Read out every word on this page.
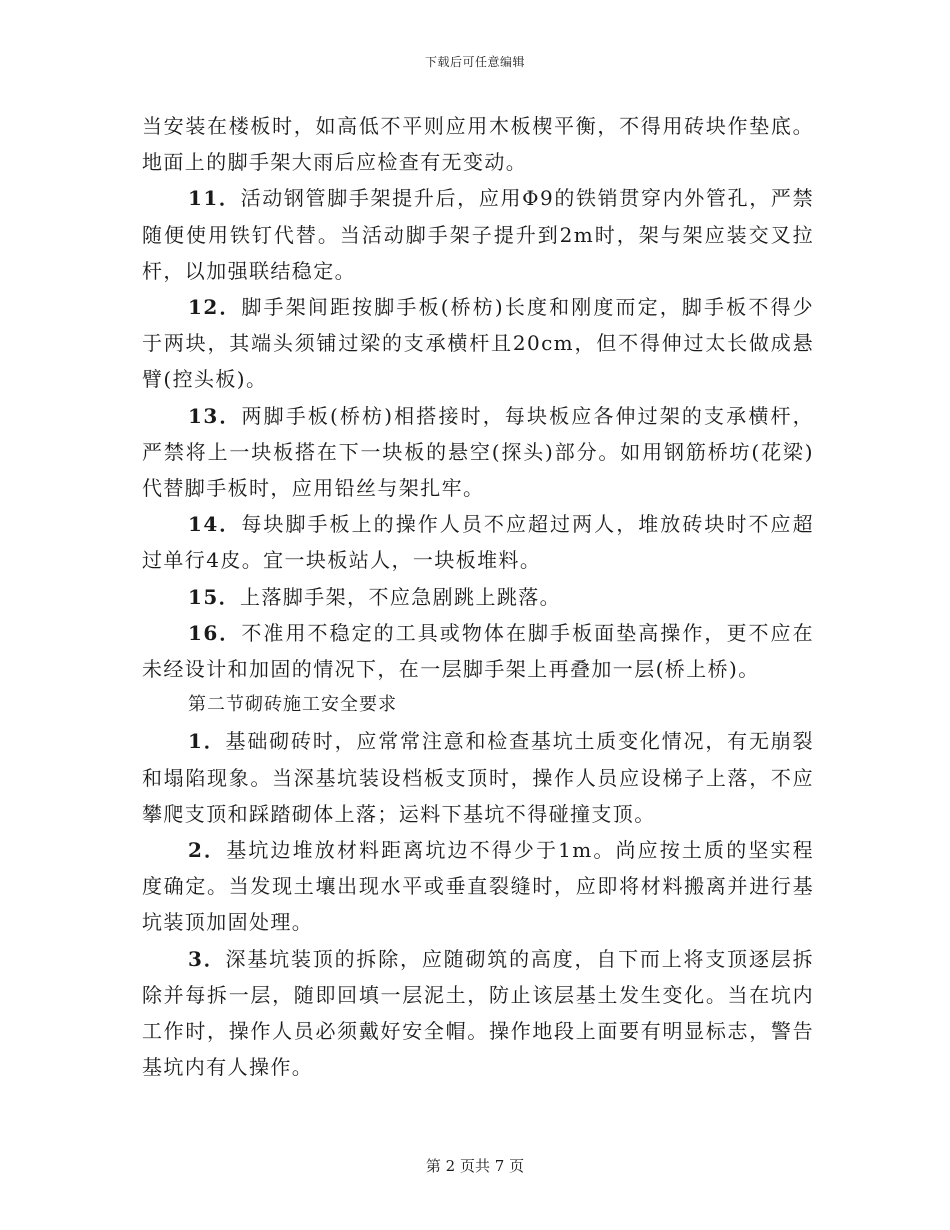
下载后可任意编辑

当安装在楼板时，如高低不平则应用木板楔平衡，不得用砖块作垫底。地面上的脚手架大雨后应检查有无变动。

11．活动钢管脚手架提升后，应用Φ9的铁销贯穿内外管孔，严禁随便使用铁钉代替。当活动脚手架子提升到2m时，架与架应装交叉拉杆，以加强联结稳定。

12．脚手架间距按脚手板(桥枋)长度和刚度而定，脚手板不得少于两块，其端头须铺过梁的支承横杆且20cm，但不得伸过太长做成悬臂(控头板)。

13．两脚手板(桥枋)相搭接时，每块板应各伸过架的支承横杆，严禁将上一块板搭在下一块板的悬空(探头)部分。如用钢筋桥坊(花梁)代替脚手板时，应用铅丝与架扎牢。

14．每块脚手板上的操作人员不应超过两人，堆放砖块时不应超过单行4皮。宜一块板站人，一块板堆料。

15．上落脚手架，不应急剧跳上跳落。

16．不准用不稳定的工具或物体在脚手板面垫高操作，更不应在未经设计和加固的情况下，在一层脚手架上再叠加一层(桥上桥)。

第二节砌砖施工安全要求

1．基础砌砖时，应常常注意和检查基坑土质变化情况，有无崩裂和塌陷现象。当深基坑装设档板支顶时，操作人员应设梯子上落，不应攀爬支顶和踩踏砌体上落；运料下基坑不得碰撞支顶。

2．基坑边堆放材料距离坑边不得少于1m。尚应按土质的坚实程度确定。当发现土壤出现水平或垂直裂缝时，应即将材料搬离并进行基坑装顶加固处理。

3．深基坑装顶的拆除，应随砌筑的高度，自下而上将支顶逐层拆除并每拆一层，随即回填一层泥土，防止该层基土发生变化。当在坑内工作时，操作人员必须戴好安全帽。操作地段上面要有明显标志，警告基坑内有人操作。

第 2 页共 7 页
